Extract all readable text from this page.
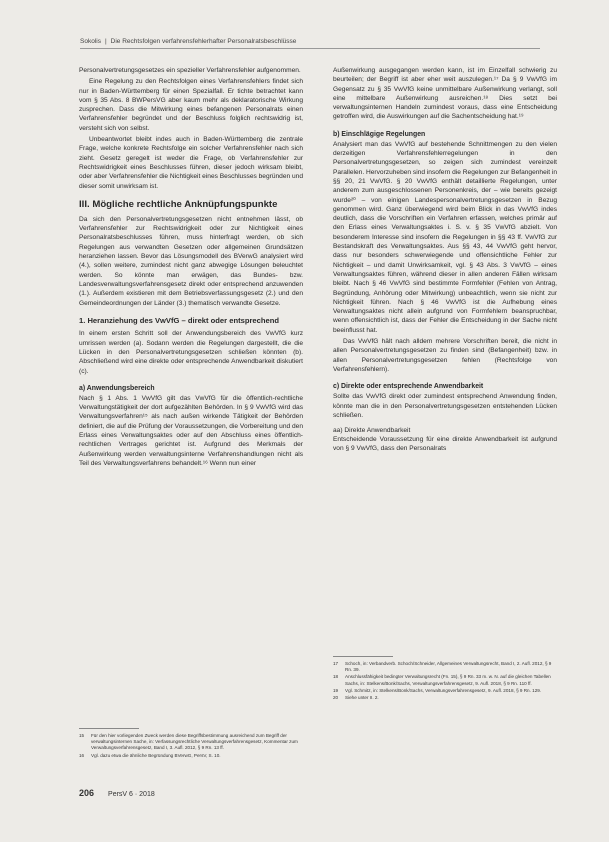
Sokolis | Die Rechtsfolgen verfahrensfehlerhafter Personalratsbeschlüsse

Personalvertretungsgesetzes ein spezieller Verfahrensfehler aufgenommen.

Eine Regelung zu den Rechtsfolgen eines Verfahrensfehlers findet sich nur in Baden-Württemberg für einen Spezialfall. Er tichte betrachtet kann vom § 35 Abs. 8 BWPersVG aber kaum mehr als deklaratorische Wirkung zusprechen. Dass die Mitwirkung eines befangenen Personalrats einen Verfahrensfehler begründet und der Beschluss folglich rechtswidrig ist, versteht sich von selbst.

Unbeantwortet bleibt indes auch in Baden-Württemberg die zentrale Frage, welche konkrete Rechtsfolge ein solcher Verfahrensfehler nach sich zieht. Gesetz geregelt ist weder die Frage, ob Verfahrensfehler zur Rechtswidrigkeit eines Beschlusses führen, dieser jedoch wirksam bleibt, oder aber Verfahrensfehler die Nichtigkeit eines Beschlusses begründen und dieser somit unwirksam ist.

III. Mögliche rechtliche Anknüpfungspunkte

Da sich den Personalvertretungsgesetzen nicht entnehmen lässt, ob Verfahrensfehler zur Rechtswidrigkeit oder zur Nichtigkeit eines Personalratsbeschlusses führen, muss hinterfragt werden, ob sich Regelungen aus verwandten Gesetzen oder allgemeinen Grundsätzen heranziehen lassen. Bevor das Lösungsmodell des BVerwG analysiert wird (4.), sollen weitere, zumindest nicht ganz abwegige Lösungen beleuchtet werden. So könnte man erwägen, das Bundes- bzw. Landesverwaltungsverfahrensgesetz direkt oder entsprechend anzuwenden (1.). Außerdem existieren mit dem Betriebsverfassungsgesetz (2.) und den Gemeindeordnungen der Länder (3.) thematisch verwandte Gesetze.

1. Heranziehung des VwVfG – direkt oder entsprechend

In einem ersten Schritt soll der Anwendungsbereich des VwVfG kurz umrissen werden (a). Sodann werden die Regelungen dargestellt, die die Lücken in den Personalvertretungsgesetzen schließen könnten (b). Abschließend wird eine direkte oder entsprechende Anwendbarkeit diskutiert (c).

a) Anwendungsbereich

Nach § 1 Abs. 1 VwVfG gilt das VwVfG für die öffentlich-rechtliche Verwaltungstätigkeit der dort aufgezählten Behörden. In § 9 VwVfG wird das Verwaltungsverfahren¹⁵ als nach außen wirkende Tätigkeit der Behörden definiert, die auf die Prüfung der Voraussetzungen, die Vorbereitung und den Erlass eines Verwaltungsaktes oder auf den Abschluss eines öffentlich-rechtlichen Vertrages gerichtet ist. Aufgrund des Merkmals der Außenwirkung werden verwaltungsinterne Verfahrenshandlungen nicht als Teil des Verwaltungsverfahrens behandelt.¹⁶ Wenn nun einer

15	Für den hier vorliegenden Zweck werden diese Begriffsbestimmung ausreichend zum Begriff der verwaltungsinternen Sache, in: Verfassungsrechtliche Verwaltungsverfahrensgesetz, Kommentar zum Verwaltungsverfahrensgesetz, Band I, 3. Aufl. 2012, § 9 Rn. 13 ff.
16	Vgl. dazu etwa die ähnliche Begründung BVerwG, PersV, S. 10.

Außenwirkung ausgegangen werden kann, ist im Einzelfall schwierig zu beurteilen; der Begriff ist aber eher weit auszulegen.¹⁷ Da § 9 VwVfG im Gegensatz zu § 35 VwVfG keine unmittelbare Außenwirkung verlangt, soll eine mittelbare Außenwirkung ausreichen.¹⁸ Dies setzt bei verwaltungsinternen Handeln zumindest voraus, dass eine Entscheidung getroffen wird, die Auswirkungen auf die Sachentscheidung hat.¹⁹

b) Einschlägige Regelungen

Analysiert man das VwVfG auf bestehende Schnittmengen zu den vielen derzeitigen Verfahrensfehlerregelungen in den Personalvertretungsgesetzen, so zeigen sich zumindest vereinzelt Parallelen. Hervorzuheben sind insofern die Regelungen zur Befangenheit in §§ 20, 21 VwVfG. § 20 VwVfG enthält detaillierte Regelungen, unter anderem zum ausgeschlossenen Personenkreis, der – wie bereits gezeigt wurde²⁰ – von einigen Landespersonalvertretungsgesetzen in Bezug genommen wird. Ganz überwiegend wird beim Blick in das VwVfG indes deutlich, dass die Vorschriften ein Verfahren erfassen, welches primär auf den Erlass eines Verwaltungsaktes i. S. v. § 35 VwVfG abzielt. Von besonderem Interesse sind insofern die Regelungen in §§ 43 ff. VwVfG zur Bestandskraft des Verwaltungsaktes. Aus §§ 43, 44 VwVfG geht hervor, dass nur besonders schwerwiegende und offensichtliche Fehler zur Nichtigkeit – und damit Unwirksamkeit, vgl. § 43 Abs. 3 VwVfG – eines Verwaltungsaktes führen, während dieser in allen anderen Fällen wirksam bleibt. Nach § 46 VwVfG sind bestimmte Formfehler (Fehlen von Antrag, Begründung, Anhörung oder Mitwirkung) unbeachtlich, wenn sie nicht zur Nichtigkeit führen. Nach § 46 VwVfG ist die Aufhebung eines Verwaltungsaktes nicht allein aufgrund von Formfehlern beanspruchbar, wenn offensichtlich ist, dass der Fehler die Entscheidung in der Sache nicht beeinflusst hat.

Das VwVfG hält nach alldem mehrere Vorschriften bereit, die nicht in allen Personalvertretungsgesetzen zu finden sind (Befangenheit) bzw. in allen Personalvertretungsgesetzen fehlen (Rechtsfolge von Verfahrensfehlern).

c) Direkte oder entsprechende Anwendbarkeit

Sollte das VwVfG direkt oder zumindest entsprechend Anwendung finden, könnte man die in den Personalvertretungsgesetzen entstehenden Lücken schließen.

aa) Direkte Anwendbarkeit

Entscheidende Voraussetzung für eine direkte Anwendbarkeit ist aufgrund von § 9 VwVfG, dass den Personalrats

17	Schoch, in: Verbandverb. Schoch/Schneider, Allgemeines Verwaltungsrecht, Band I, 2. Aufl. 2012, § 9 Rn. 39.
18	Anschlussfähigkeit bedingter Verwaltungsrecht (Fn. 15), § 9 Rn. 33 m. w. N. auf die gleichen Tabellen Sachs, in: Stelkens/Bonk/Sachs, Verwaltungsverfahrensgesetz, 9. Aufl. 2018, § 9 Rn. 110 ff.
19	Vgl. Schmitz, in: Stelkens/Bonk/Sachs, Verwaltungsverfahrensgesetz, 9. Aufl. 2018, § 9 Rn. 129.
20	Siehe unter II. 2.
206 PersV 6 · 2018
